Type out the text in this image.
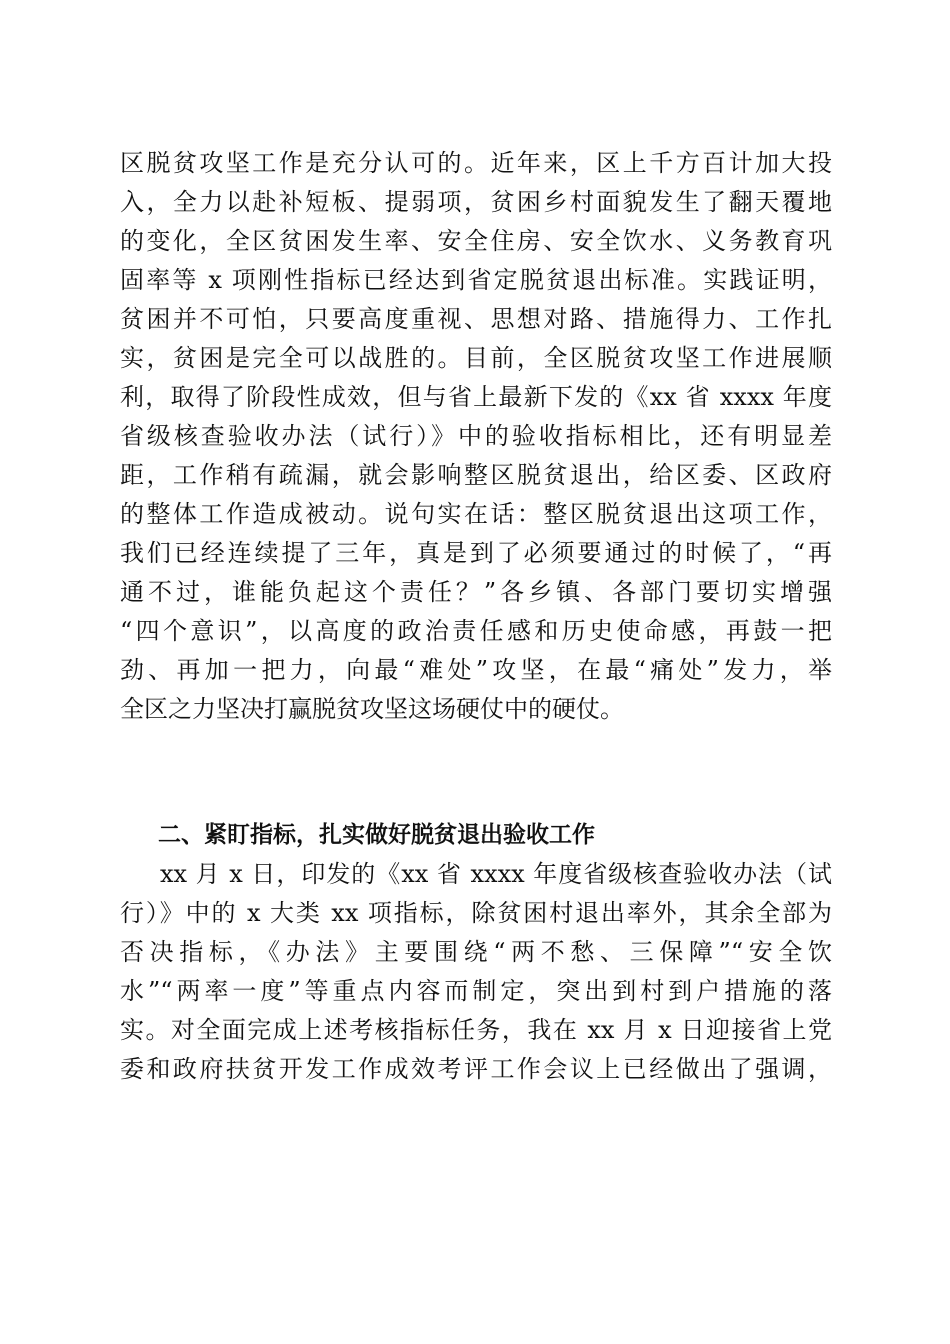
区脱贫攻坚工作是充分认可的。近年来，区上千方百计加大投
入，全力以赴补短板、提弱项，贫困乡村面貌发生了翻天覆地
的变化，全区贫困发生率、安全住房、安全饮水、义务教育巩
固率等 x 项刚性指标已经达到省定脱贫退出标准。实践证明，
贫困并不可怕，只要高度重视、思想对路、措施得力、工作扎
实，贫困是完全可以战胜的。目前，全区脱贫攻坚工作进展顺
利，取得了阶段性成效，但与省上最新下发的《xx 省 xxxx 年度
省级核查验收办法（试行）》中的验收指标相比，还有明显差
距，工作稍有疏漏，就会影响整区脱贫退出，给区委、区政府
的整体工作造成被动。说句实在话：整区脱贫退出这项工作，
我们已经连续提了三年，真是到了必须要通过的时候了，“再
通不过，谁能负起这个责任？”各乡镇、各部门要切实增强
“四个意识”，以高度的政治责任感和历史使命感，再鼓一把
劲、再加一把力，向最“难处”攻坚，在最“痛处”发力，举
全区之力坚决打赢脱贫攻坚这场硬仗中的硬仗。
二、紧盯指标，扎实做好脱贫退出验收工作
xx 月 x 日，印发的《xx 省 xxxx 年度省级核查验收办法（试
行）》中的 x 大类 xx 项指标，除贫困村退出率外，其余全部为
否决指标，《办法》主要围绕“两不愁、三保障”“安全饮
水”“两率一度”等重点内容而制定，突出到村到户措施的落
实。对全面完成上述考核指标任务，我在 xx 月 x 日迎接省上党
委和政府扶贫开发工作成效考评工作会议上已经做出了强调，
